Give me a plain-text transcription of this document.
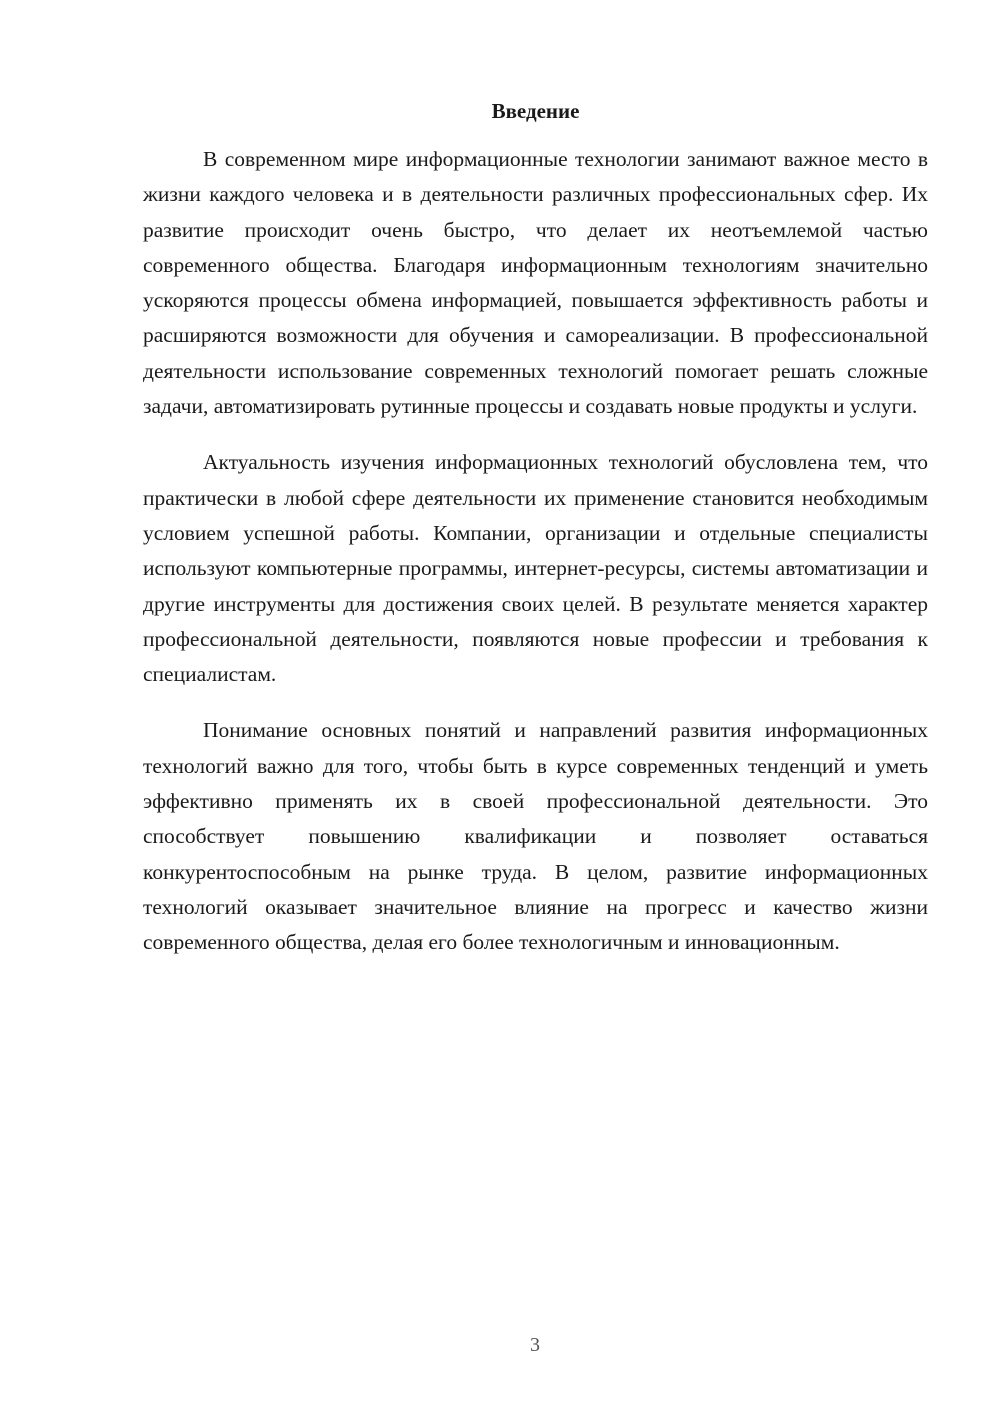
Введение

В современном мире информационные технологии занимают важное место в жизни каждого человека и в деятельности различных профессиональных сфер. Их развитие происходит очень быстро, что делает их неотъемлемой частью современного общества. Благодаря информационным технологиям значительно ускоряются процессы обмена информацией, повышается эффективность работы и расширяются возможности для обучения и самореализации. В профессиональной деятельности использование современных технологий помогает решать сложные задачи, автоматизировать рутинные процессы и создавать новые продукты и услуги.

Актуальность изучения информационных технологий обусловлена тем, что практически в любой сфере деятельности их применение становится необходимым условием успешной работы. Компании, организации и отдельные специалисты используют компьютерные программы, интернет-ресурсы, системы автоматизации и другие инструменты для достижения своих целей. В результате меняется характер профессиональной деятельности, появляются новые профессии и требования к специалистам.

Понимание основных понятий и направлений развития информационных технологий важно для того, чтобы быть в курсе современных тенденций и уметь эффективно применять их в своей профессиональной деятельности. Это способствует повышению квалификации и позволяет оставаться конкурентоспособным на рынке труда. В целом, развитие информационных технологий оказывает значительное влияние на прогресс и качество жизни современного общества, делая его более технологичным и инновационным.

3
